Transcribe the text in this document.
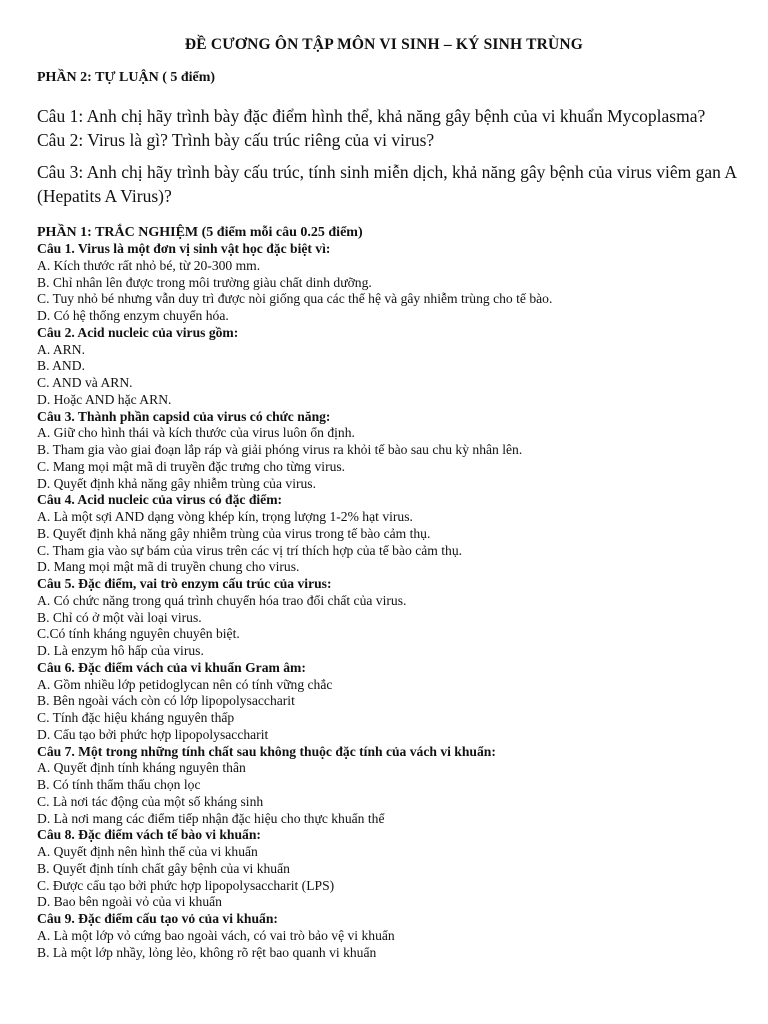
ĐỀ CƯƠNG ÔN TẬP MÔN VI SINH – KÝ SINH TRÙNG
PHẦN 2: TỰ LUẬN ( 5 điểm)

Câu 1: Anh chị hãy trình bày đặc điểm hình thể, khả năng gây bệnh của vi khuẩn Mycoplasma?

Câu 2: Virus là gì? Trình bày cấu trúc riêng của vi virus?

Câu 3: Anh chị hãy trình bày cấu trúc, tính sinh miễn dịch, khả năng gây bệnh của virus viêm gan A (Hepatits A Virus)?

PHẦN 1: TRẮC NGHIỆM (5 điểm mỗi câu 0.25 điểm)
Câu 1. Virus là một đơn vị sinh vật học đặc biệt vì:
A. Kích thước rất nhỏ bé, từ 20-300 mm.
B. Chỉ nhân lên được trong môi trường giàu chất dinh dưỡng.
C. Tuy nhỏ bé nhưng vẫn duy trì được nòi giống qua các thế hệ và gây nhiễm trùng cho tế bào.
D. Có hệ thống enzym chuyển hóa.
Câu 2. Acid nucleic của virus gồm:
A. ARN.
B. AND.
C. AND và ARN.
D. Hoặc AND hặc ARN.
Câu 3. Thành phần capsid của virus có chức năng:
A. Giữ cho hình thái và kích thước của virus luôn ổn định.
B. Tham gia vào giai đoạn lắp ráp và giải phóng virus ra khỏi tế bào sau chu kỳ nhân lên.
C. Mang mọi mật mã di truyền đặc trưng cho từng virus.
D. Quyết định khả năng gây nhiễm trùng của virus.
Câu 4. Acid nucleic của virus có đặc điểm:
A. Là một sợi AND dạng vòng khép kín, trọng lượng 1-2% hạt virus.
B. Quyết định khả năng gây nhiễm trùng của virus trong tế bào cảm thụ.
C. Tham gia vào sự bám của virus trên các vị trí thích hợp của tế bào cảm thụ.
D. Mang mọi mật mã di truyền chung cho virus.
Câu 5. Đặc điểm, vai trò enzym cấu trúc của virus:
A. Có chức năng trong quá trình chuyển hóa trao đổi chất của virus.
B. Chỉ có ở một vài loại virus.
C.Có tính kháng nguyên chuyên biệt.
D. Là enzym hô hấp của virus.
Câu 6. Đặc điểm vách của vi khuẩn Gram âm:
A. Gồm nhiều lớp petidoglycan nên có tính vững chắc
B. Bên ngoài vách còn có lớp lipopolysaccharit
C. Tính đặc hiệu kháng nguyên thấp
D. Cấu tạo bởi phức hợp lipopolysaccharit
Câu 7. Một trong những tính chất sau không thuộc đặc tính của vách vi khuẩn:
A. Quyết định tính kháng nguyên thân
B. Có tính thẩm thấu chọn lọc
C. Là nơi tác động của một số kháng sinh
D. Là nơi mang các điểm tiếp nhận đặc hiệu cho thực khuẩn thể
Câu 8. Đặc điểm vách tế bào vi khuẩn:
A. Quyết định nên hình thể của vi khuẩn
B. Quyết định tính chất gây bệnh của vi khuẩn
C. Được cấu tạo bởi phức hợp lipopolysaccharit (LPS)
D. Bao bên ngoài vỏ của vi khuẩn
Câu 9. Đặc điểm cấu tạo vỏ của vi khuẩn:
A. Là một lớp vỏ cứng bao ngoài vách, có vai trò bảo vệ vi khuẩn
B. Là một lớp nhầy, lỏng lẻo, không rõ rệt bao quanh vi khuẩn
